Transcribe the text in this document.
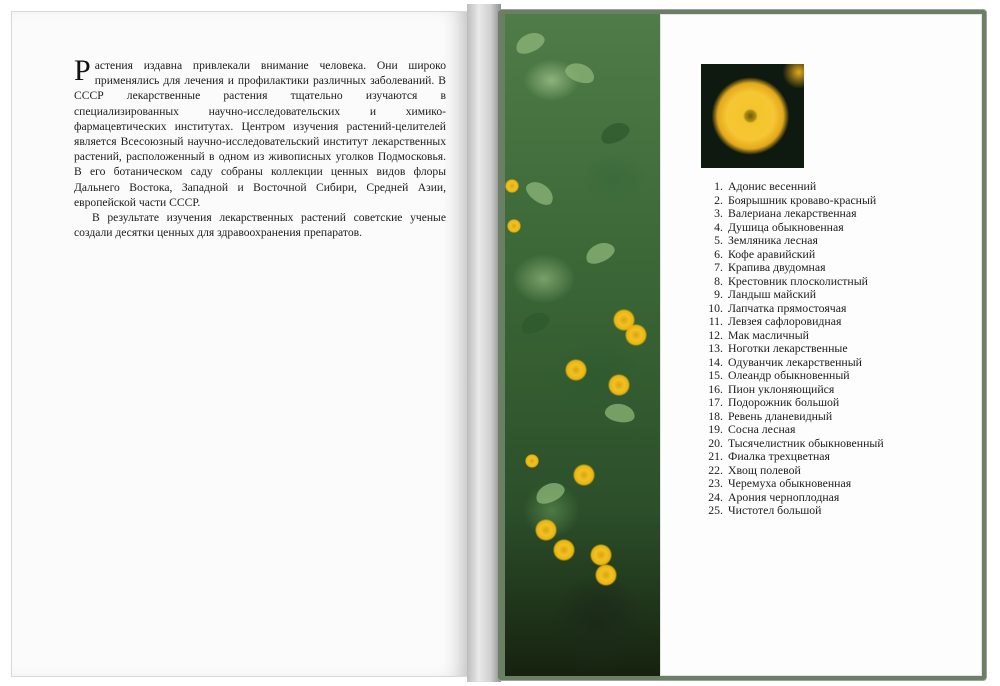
Растения издавна привлекали внимание человека. Они широко применялись для лечения и профилактики различных заболеваний. В СССР лекарственные растения тщательно изучаются в специализированных научно-исследовательских и химико-фармацевтических институтах. Центром изучения растений-целителей является Всесоюзный научно-исследовательский институт лекарственных растений, расположенный в одном из живописных уголков Подмосковья. В его ботаническом саду собраны коллекции ценных видов флоры Дальнего Востока, Западной и Восточной Сибири, Средней Азии, европейской части СССР.

В результате изучения лекарственных растений советские ученые создали десятки ценных для здравоохранения препаратов.

1. Адонис весенний
2. Боярышник кроваво-красный
3. Валериана лекарственная
4. Душица обыкновенная
5. Земляника лесная
6. Кофе аравийский
7. Крапива двудомная
8. Крестовник плосколистный
9. Ландыш майский
10. Лапчатка прямостоячая
11. Левзея сафлоровидная
12. Мак масличный
13. Ноготки лекарственные
14. Одуванчик лекарственный
15. Олеандр обыкновенный
16. Пион уклоняющийся
17. Подорожник большой
18. Ревень дланевидный
19. Сосна лесная
20. Тысячелистник обыкновенный
21. Фиалка трехцветная
22. Хвощ полевой
23. Черемуха обыкновенная
24. Арония черноплодная
25. Чистотел большой
